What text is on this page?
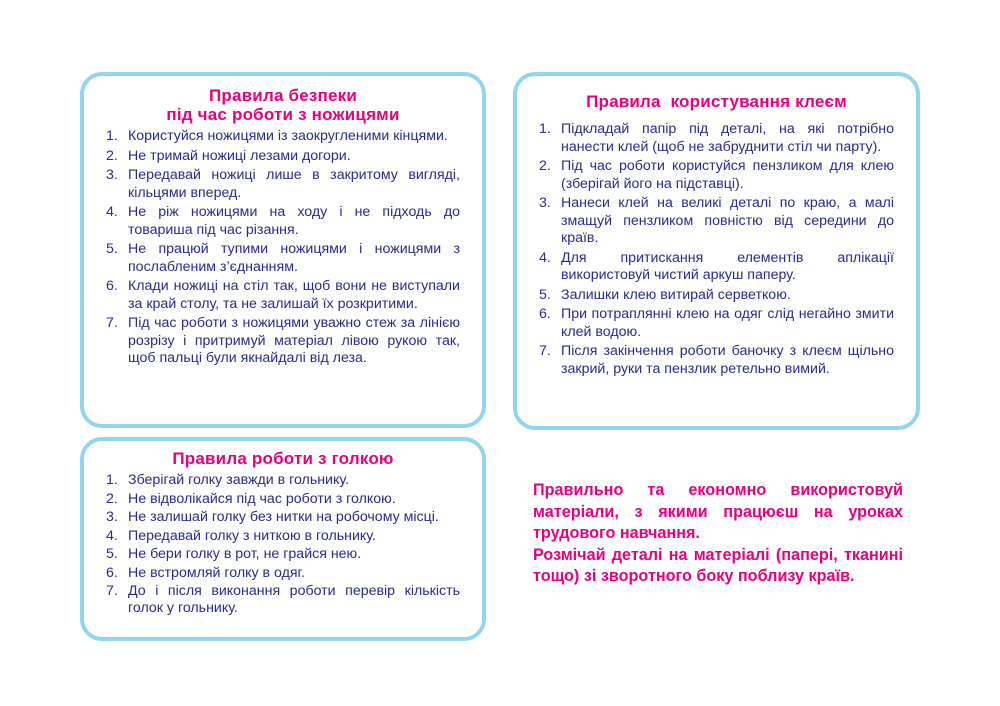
Правила безпеки
під час роботи з ножицями
1. Користуйся ножицями із заокругленими кінцями.
2. Не тримай ножиці лезами догори.
3. Передавай ножиці лише в закритому вигляді, кільцями вперед.
4. Не ріж ножицями на ходу і не підходь до товариша під час різання.
5. Не працюй тупими ножицями і ножицями з послабленим з’єднанням.
6. Клади ножиці на стіл так, щоб вони не виступали за край столу, та не залишай їх розкритими.
7. Під час роботи з ножицями уважно стеж за лінією розрізу і притримуй матеріал лівою рукою так, щоб пальці були якнайдалі від леза.
Правила  користування клеєм
1. Підкладай папір під деталі, на які потрібно нанести клей (щоб не забруднити стіл чи парту).
2. Під час роботи користуйся пензликом для клею (зберігай його на підставці).
3. Нанеси клей на великі деталі по краю, а малі змащуй пензликом повністю від середини до країв.
4. Для притискання елементів аплікації використовуй чистий аркуш паперу.
5. Залишки клею витирай серветкою.
6. При потраплянні клею на одяг слід негайно змити клей водою.
7. Після закінчення роботи баночку з клеєм щільно закрий, руки та пензлик ретельно вимий.
Правила роботи з голкою
1. Зберігай голку завжди в гольнику.
2. Не відволікайся під час роботи з голкою.
3. Не залишай голку без нитки на робочому місці.
4. Передавай голку з ниткою в гольнику.
5. Не бери голку в рот, не грайся нею.
6. Не встромляй голку в одяг.
7. До і після виконання роботи перевір кількість голок у гольнику.

Правильно та економно використовуй матеріали, з якими працюєш на уроках трудового навчання.

Розмічай деталі на матеріалі (папері, тканині тощо) зі зворотного боку поблизу країв.
